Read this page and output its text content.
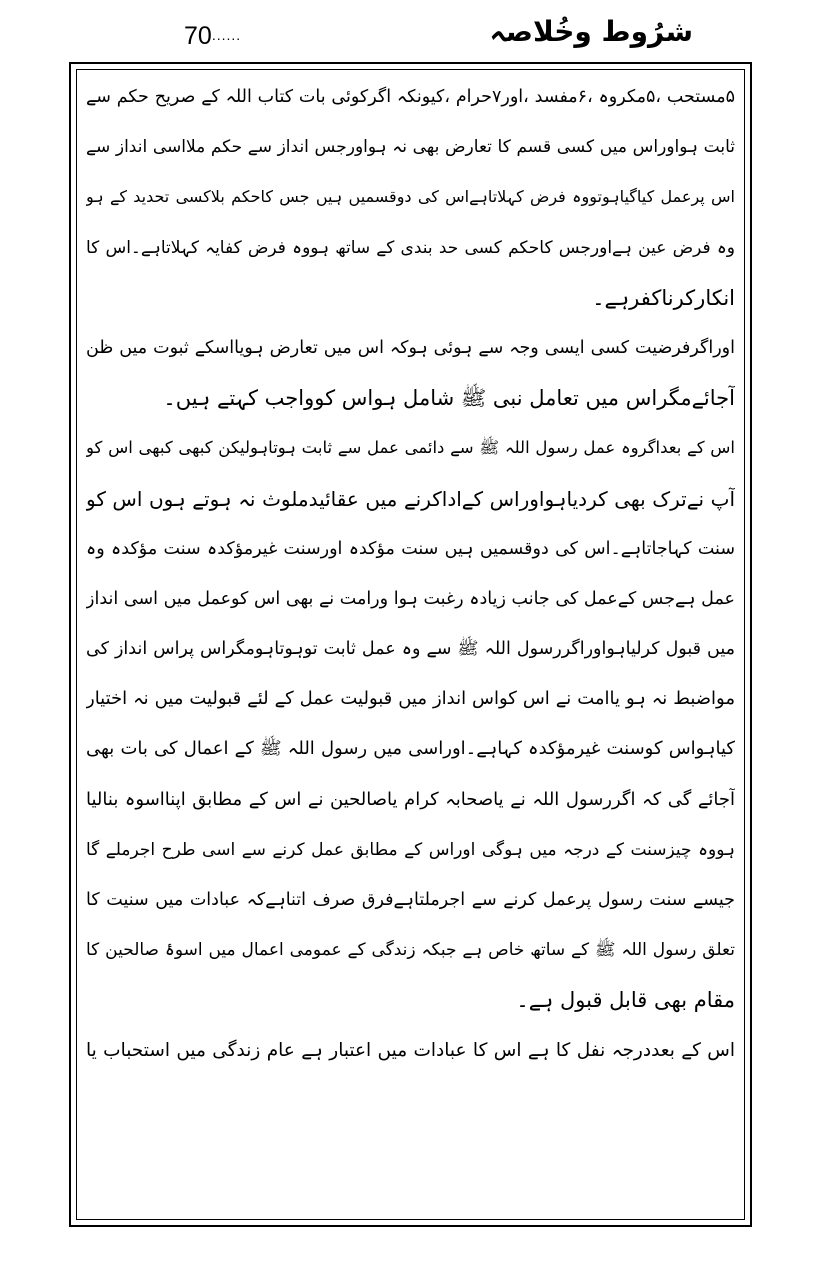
70......	شرُوط وخُلاصہ
۵مستحب ،۵مکروہ ،۶مفسد ،اور۷حرام ،کیونکہ اگرکوئی بات کتاب اللہ کے صریح حکم سے
ثابت ہواوراس میں کسی قسم کا تعارض بھی نہ ہواورجس انداز سے حکم ملااسی انداز سے
اس پرعمل کیاگیاہوتووہ فرض کہلاتاہےاس کی دوقسمیں ہیں جس کاحکم بلاکسی تحدید کے ہو
وہ فرض عین ہےاورجس کاحکم کسی حد بندی کے ساتھ ہووہ فرض کفایہ کہلاتاہے۔اس کا
انکارکرناکفرہے۔
اوراگرفرضیت کسی ایسی وجہ سے ہوئی ہوکہ اس میں تعارض ہویااسکے ثبوت میں ظن
آجائےمگراس میں تعامل نبی ﷺ شامل ہواس کوواجب کہتے ہیں۔
اس کے بعداگروہ عمل رسول اللہ ﷺ سے دائمی عمل سے ثابت ہوتاہولیکن کبھی کبھی اس کو
آپ نےترک بھی کردیاہواوراس کےاداکرنے میں عقائیدملوث نہ ہوتے ہوں اس کو
سنت کہاجاتاہے۔اس کی دوقسمیں ہیں سنت مؤکدہ اورسنت غیرمؤکدہ سنت مؤکدہ وہ
عمل ہےجس کےعمل کی جانب زیادہ رغبت ہوا ورامت نے بھی اس کوعمل میں اسی انداز
میں قبول کرلیاہواوراگررسول اللہ ﷺ سے وہ عمل ثابت توہوتاہومگراس پراس انداز کی
مواضبط نہ ہو یاامت نے اس کواس انداز میں قبولیت عمل کے لئے قبولیت میں نہ اختیار
کیاہواس کوسنت غیرمؤکدہ کہاہے۔اوراسی میں رسول اللہ ﷺ کے اعمال کی بات بھی
آجائے گی کہ اگررسول اللہ نے یاصحابہ کرام یاصالحین نے اس کے مطابق اپنااسوہ بنالیا
ہووہ چیزسنت کے درجہ میں ہوگی اوراس کے مطابق عمل کرنے سے اسی طرح اجرملے گا
جیسے سنت رسول پرعمل کرنے سے اجرملتاہےفرق صرف اتناہےکہ عبادات میں سنیت کا
تعلق رسول اللہ ﷺ کے ساتھ خاص ہے جبکہ زندگی کے عمومی اعمال میں اسوۂ صالحین کا
مقام بھی قابل قبول ہے۔
اس کے بعددرجہ نفل کا ہے اس کا عبادات میں اعتبار ہے عام زندگی میں استحباب یا
